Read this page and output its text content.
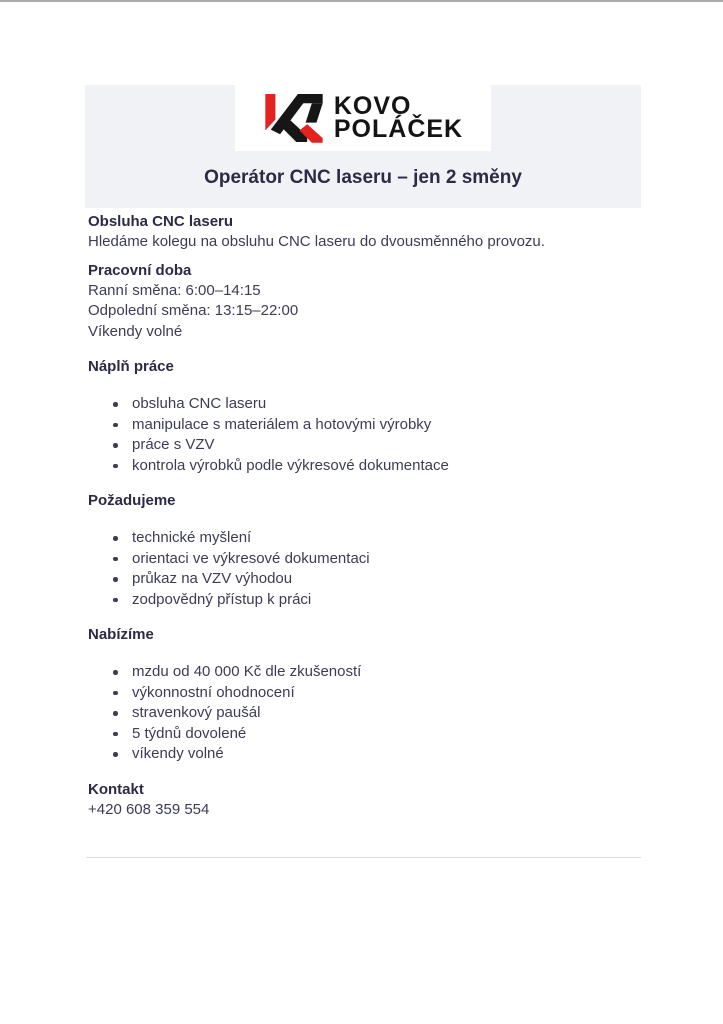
KOVO
POLÁČEK
Operátor CNC laseru – jen 2 směny
Obsluha CNC laseru

Hledáme kolegu na obsluhu CNC laseru do dvousměnného provozu.

Pracovní doba

Ranní směna: 6:00–14:15

Odpolední směna: 13:15–22:00

Víkendy volné

Náplň práce
obsluha CNC laseru
manipulace s materiálem a hotovými výrobky
práce s VZV
kontrola výrobků podle výkresové dokumentace
Požadujeme
technické myšlení
orientaci ve výkresové dokumentaci
průkaz na VZV výhodou
zodpovědný přístup k práci
Nabízíme
mzdu od 40 000 Kč dle zkušeností
výkonnostní ohodnocení
stravenkový paušál
5 týdnů dovolené
víkendy volné
Kontakt

+420 608 359 554
